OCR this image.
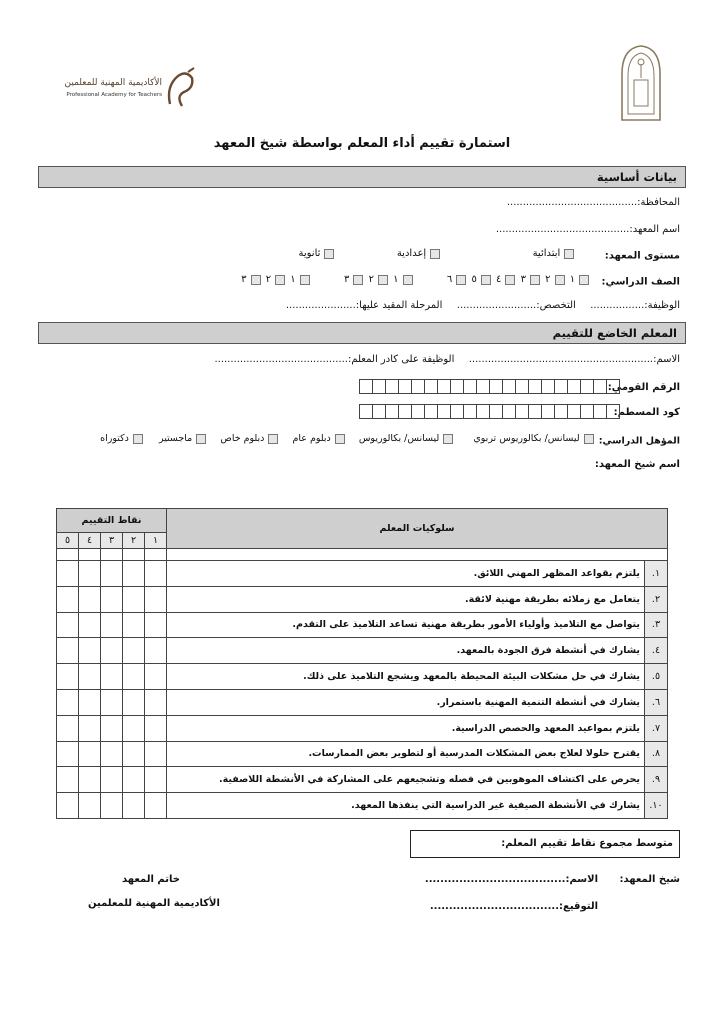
الأكاديمية المهنية للمعلمين
Professional Academy for Teachers
استمارة تقييم أداء المعلم بواسطة شيخ المعهد
بيانات أساسية
المحافظة:.........................................
اسم المعهد:..........................................
مستوى المعهد:
ابتدائية

إعدادية

ثانوية
الصف الدراسي:
١

٢

٣

٤

٥

٦

١

٢

٣

١

٢

٣
الوظيفة:.................  التخصص:.........................  المرحلة المقيد عليها:......................
المعلم الخاضع للتقييم
الاسم:..........................................................  الوظيفة على كادر المعلم:..........................................
الرقم القومي:
كود المسطم:
المؤهل الدراسي:
ليسانس/ بكالوريوس تربوي

ليسانس/ بكالوريوس

دبلوم عام

دبلوم خاص

ماجستير

دكتوراه
اسم شيخ المعهد:
سلوكيات المعلم		نقاط التقييم				
		١	٢	٣	٤	٥

١.	يلتزم بقواعد المظهر المهني اللائق.					
٢.	يتعامل مع زملائه بطريقة مهنية لائقة.					
٣.	يتواصل مع التلاميذ وأولياء الأمور بطريقة مهنية تساعد التلاميذ على التقدم.					
٤.	يشارك في أنشطة فرق الجودة بالمعهد.					
٥.	يشارك في حل مشكلات البيئة المحيطة بالمعهد ويشجع التلاميذ على ذلك.					
٦.	يشارك في أنشطة التنمية المهنية باستمرار.					
٧.	يلتزم بمواعيد المعهد والحصص الدراسية.					
٨.	يقترح حلولا لعلاج بعض المشكلات المدرسية أو لتطوير بعض الممارسات.					
٩.	يحرص على اكتشاف الموهوبين في فصله وتشجيعهم على المشاركة في الأنشطة اللاصفية.					
١٠.	يشارك في الأنشطة الصيفية غير الدراسية التي ينفذها المعهد.					
متوسط مجموع نقاط تقييم المعلم:
شيخ المعهد:
الاسم:.....................................
التوقيع:..................................
خاتم المعهد
الأكاديمية المهنية للمعلمين
